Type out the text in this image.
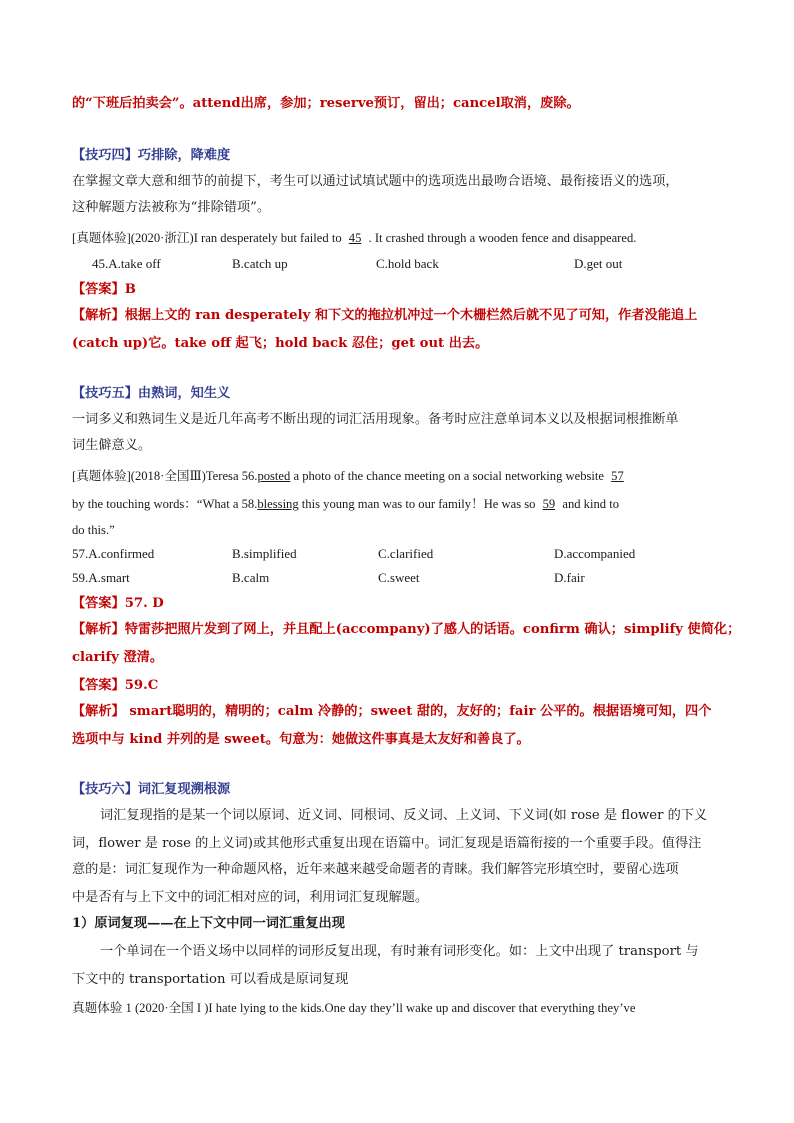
的“下班后拍卖会”。attend出席，参加；reserve预订，留出；cancel取消，废除。
【技巧四】巧排除，降难度
在掌握文章大意和细节的前提下，考生可以通过试填试题中的选项选出最吻合语境、最衔接语义的选项，
这种解题方法被称为“排除错项”。
[真题体验](2020·浙江)I ran desperately but failed to 45 . It crashed through a wooden fence and disappeared.
45.A.take off	B.catch up	C.hold back	D.get out
【答案】B
【解析】根据上文的 ran desperately 和下文的拖拉机冲过一个木栅栏然后就不见了可知，作者没能追上
(catch up)它。take off 起飞；hold back 忍住；get out 出去。
【技巧五】由熟词，知生义
一词多义和熟词生义是近几年高考不断出现的词汇活用现象。备考时应注意单词本义以及根据词根推断单
词生僻意义。
[真题体验](2018·全国Ⅲ)Teresa 56.posted a photo of the chance meeting on a social networking website 57
by the touching words：“What a 58.blessing this young man was to our family！He was so 59 and kind to
do this.”
57.A.confirmed	B.simplified	C.clarified	D.accompanied
59.A.smart	B.calm	C.sweet	D.fair
【答案】57. D
【解析】特雷莎把照片发到了网上，并且配上(accompany)了感人的话语。confirm 确认；simplify 使简化；
clarify 澄清。
【答案】59.C
【解析】 smart聪明的，精明的；calm 冷静的；sweet 甜的，友好的；fair 公平的。根据语境可知，四个
选项中与 kind 并列的是 sweet。句意为：她做这件事真是太友好和善良了。
【技巧六】词汇复现溯根源
词汇复现指的是某一个词以原词、近义词、同根词、反义词、上义词、下义词(如 rose 是 flower 的下义
词，flower 是 rose 的上义词)或其他形式重复出现在语篇中。词汇复现是语篇衔接的一个重要手段。值得注
意的是：词汇复现作为一种命题风格，近年来越来越受命题者的青睐。我们解答完形填空时，要留心选项
中是否有与上下文中的词汇相对应的词，利用词汇复现解题。
1）原词复现——在上下文中同一词汇重复出现
一个单词在一个语义场中以同样的词形反复出现，有时兼有词形变化。如：上文中出现了 transport 与
下文中的 transportation 可以看成是原词复现
真题体验 1 (2020·全国 I )I hate lying to the kids.One day they’ll wake up and discover that everything they’ve
